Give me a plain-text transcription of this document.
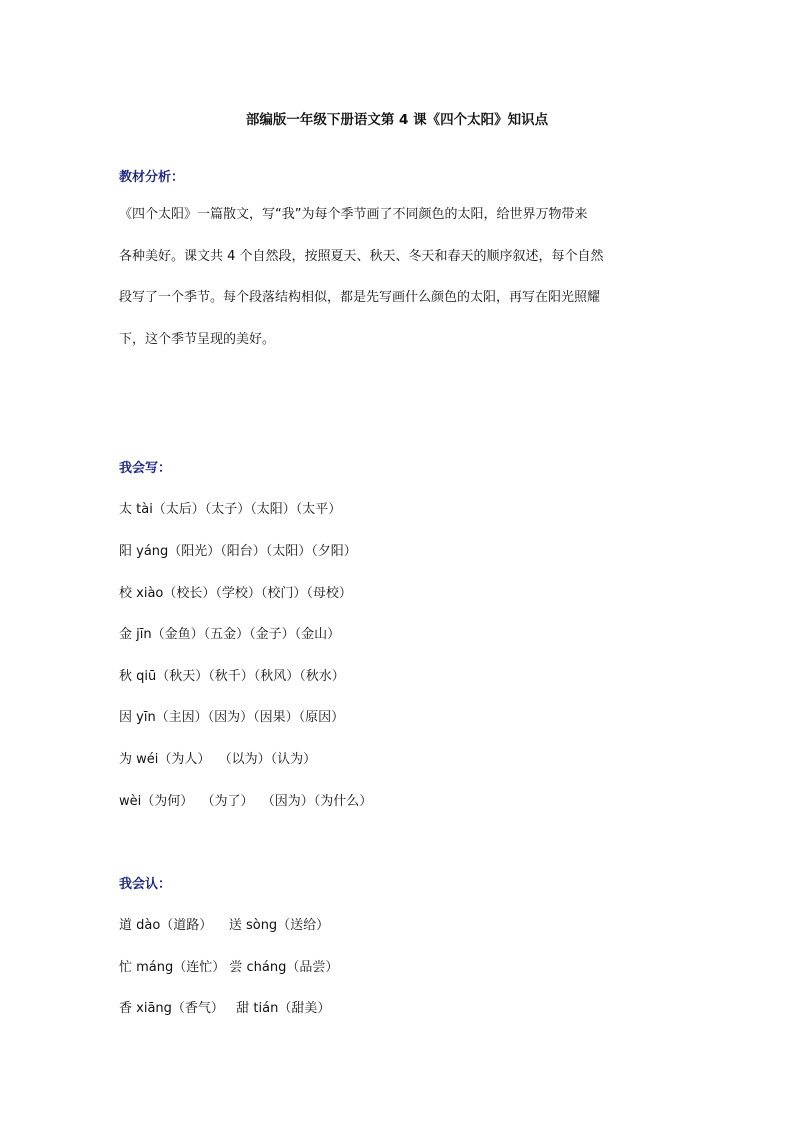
部编版一年级下册语文第 4 课《四个太阳》知识点
教材分析：
《四个太阳》一篇散文，写“我”为每个季节画了不同颜色的太阳，给世界万物带来
各种美好。课文共 4 个自然段，按照夏天、秋天、冬天和春天的顺序叙述，每个自然
段写了一个季节。每个段落结构相似，都是先写画什么颜色的太阳，再写在阳光照耀
下，这个季节呈现的美好。
我会写：
太 tài（太后）（太子）（太阳）（太平）
阳 yáng（阳光）（阳台）（太阳）（夕阳）
校 xiào（校长）（学校）（校门）（母校）
金 jīn（金鱼）（五金）（金子）（金山）
秋 qiū（秋天）（秋千）（秋风）（秋水）
因 yīn（主因）（因为）（因果）（原因）
为 wéi（为人）  （以为）（认为）
wèi（为何）  （为了）  （因为）（为什么）
我会认：
道 dào（道路）    送 sòng（送给）
忙 máng（连忙） 尝 cháng（品尝）
香 xiāng（香气）   甜 tián（甜美）
